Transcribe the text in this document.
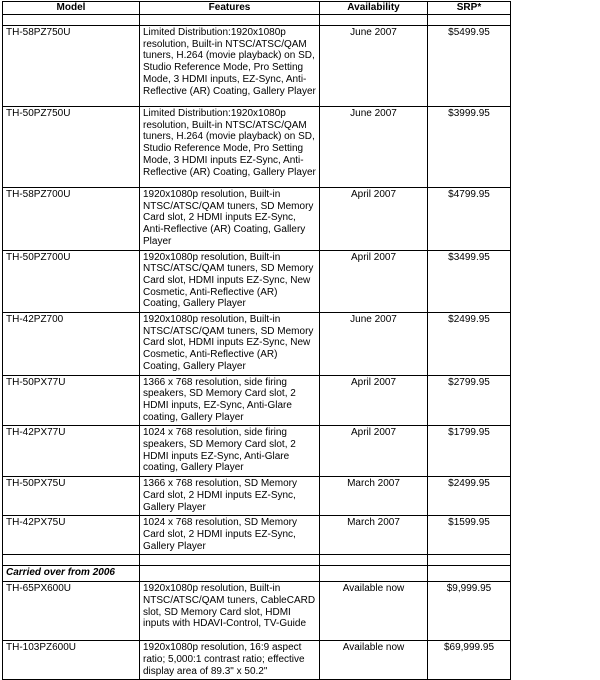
Model	Features	Availability	SRP*

TH-58PZ750U	Limited Distribution:1920x1080p resolution, Built-in NTSC/ATSC/QAM tuners, H.264 (movie playback) on SD, Studio Reference Mode, Pro Setting Mode, 3 HDMI inputs, EZ-Sync, Anti-Reflective (AR) Coating, Gallery Player	June 2007	$5499.95
TH-50PZ750U	Limited Distribution:1920x1080p resolution, Built-in NTSC/ATSC/QAM tuners, H.264 (movie playback) on SD, Studio Reference Mode, Pro Setting Mode, 3 HDMI inputs EZ-Sync, Anti-Reflective (AR) Coating, Gallery Player	June 2007	$3999.95
TH-58PZ700U	1920x1080p resolution, Built-in NTSC/ATSC/QAM tuners, SD Memory Card slot, 2 HDMI inputs EZ-Sync, Anti-Reflective (AR) Coating, Gallery Player	April 2007	$4799.95
TH-50PZ700U	1920x1080p resolution, Built-in NTSC/ATSC/QAM tuners, SD Memory Card slot, HDMI inputs EZ-Sync, New Cosmetic, Anti-Reflective (AR) Coating, Gallery Player	April 2007	$3499.95
TH-42PZ700	1920x1080p resolution, Built-in NTSC/ATSC/QAM tuners, SD Memory Card slot, HDMI inputs EZ-Sync, New Cosmetic, Anti-Reflective (AR) Coating, Gallery Player	June 2007	$2499.95
TH-50PX77U	1366 x 768 resolution, side firing speakers, SD Memory Card slot, 2 HDMI inputs, EZ-Sync, Anti-Glare coating, Gallery Player	April 2007	$2799.95
TH-42PX77U	1024 x 768 resolution, side firing speakers, SD Memory Card slot, 2 HDMI inputs EZ-Sync, Anti-Glare coating, Gallery Player	April 2007	$1799.95
TH-50PX75U	1366 x 768 resolution, SD Memory Card slot, 2 HDMI inputs EZ-Sync, Gallery Player	March 2007	$2499.95
TH-42PX75U	1024 x 768 resolution, SD Memory Card slot, 2 HDMI inputs EZ-Sync, Gallery Player	March 2007	$1599.95

Carried over from 2006			
TH-65PX600U	1920x1080p resolution, Built-in NTSC/ATSC/QAM tuners, CableCARD slot, SD Memory Card slot, HDMI inputs with HDAVI-Control, TV-Guide	Available now	$9,999.95
TH-103PZ600U	1920x1080p resolution, 16:9 aspect ratio; 5,000:1 contrast ratio; effective display area of 89.3" x 50.2"	Available now	$69,999.95
